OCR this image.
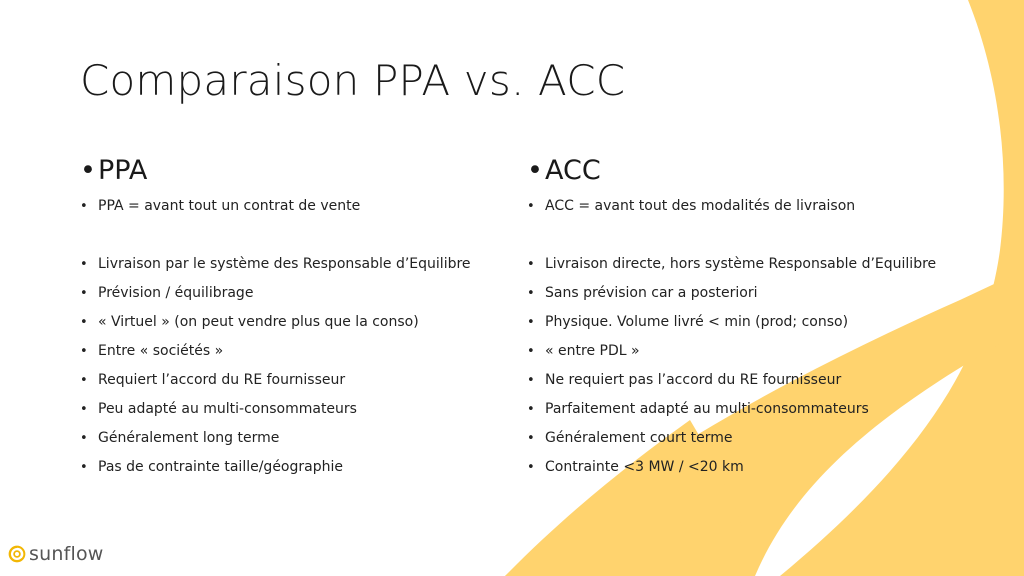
Comparaison PPA vs. ACC
•PPA
• PPA = avant tout un contrat de vente
• Livraison par le système des Responsable d’Equilibre
• Prévision / équilibrage
• « Virtuel » (on peut vendre plus que la conso)
• Entre « sociétés »
• Requiert l’accord du RE fournisseur
• Peu adapté au multi-consommateurs
• Généralement long terme
• Pas de contrainte taille/géographie
•ACC
• ACC = avant tout des modalités de livraison
• Livraison directe, hors système Responsable d’Equilibre
• Sans prévision car a posteriori
• Physique. Volume livré < min (prod; conso)
• « entre PDL »
• Ne requiert pas l’accord du RE fournisseur
• Parfaitement adapté au multi-consommateurs
• Généralement court terme
• Contrainte <3 MW / <20 km
sunflow
